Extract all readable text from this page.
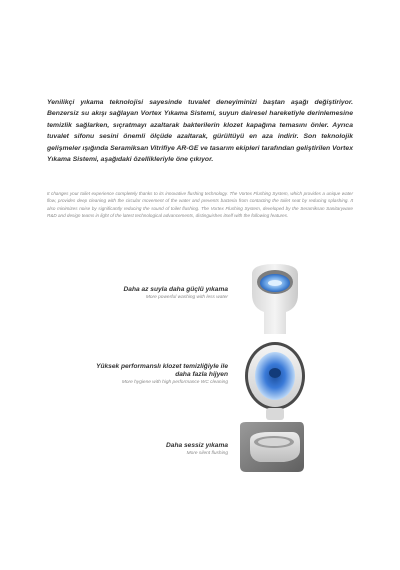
Yenilikçi yıkama teknolojisi sayesinde tuvalet deneyiminizi baştan aşağı değiştiriyor. Benzersiz su akışı sağlayan Vortex Yıkama Sistemi, suyun dairesel hareketiyle derinlemesine temizlik sağlarken, sıçratmayı azaltarak bakterilerin klozet kapağına temasını önler. Ayrıca tuvalet sifonu sesini önemli ölçüde azaltarak, gürültüyü en aza indirir. Son teknolojik gelişmeler ışığında Seramiksan Vitrifiye AR-GE ve tasarım ekipleri tarafından geliştirilen Vortex Yıkama Sistemi, aşağıdaki özellikleriyle öne çıkıyor.

It changes your toilet experience completely thanks to its innovative flushing technology. The Vortex Flushing System, which provides a unique water flow, provides deep cleaning with the circular movement of the water and prevents bacteria from contacting the toilet seat by reducing splashing. It also minimizes noise by significantly reducing the sound of toilet flushing. The Vortex Flushing System, developed by the Seramiksan Sanitaryware R&D and design teams in light of the latest technological advancements, distinguishes itself with the following features.

Daha az suyla daha güçlü yıkama

More powerful washing with less water

Yüksek performanslı klozet temizliğiyle ile

daha fazla hijyen

More hygiene with high performance WC cleaning

Daha sessiz yıkama

More silent flushing
